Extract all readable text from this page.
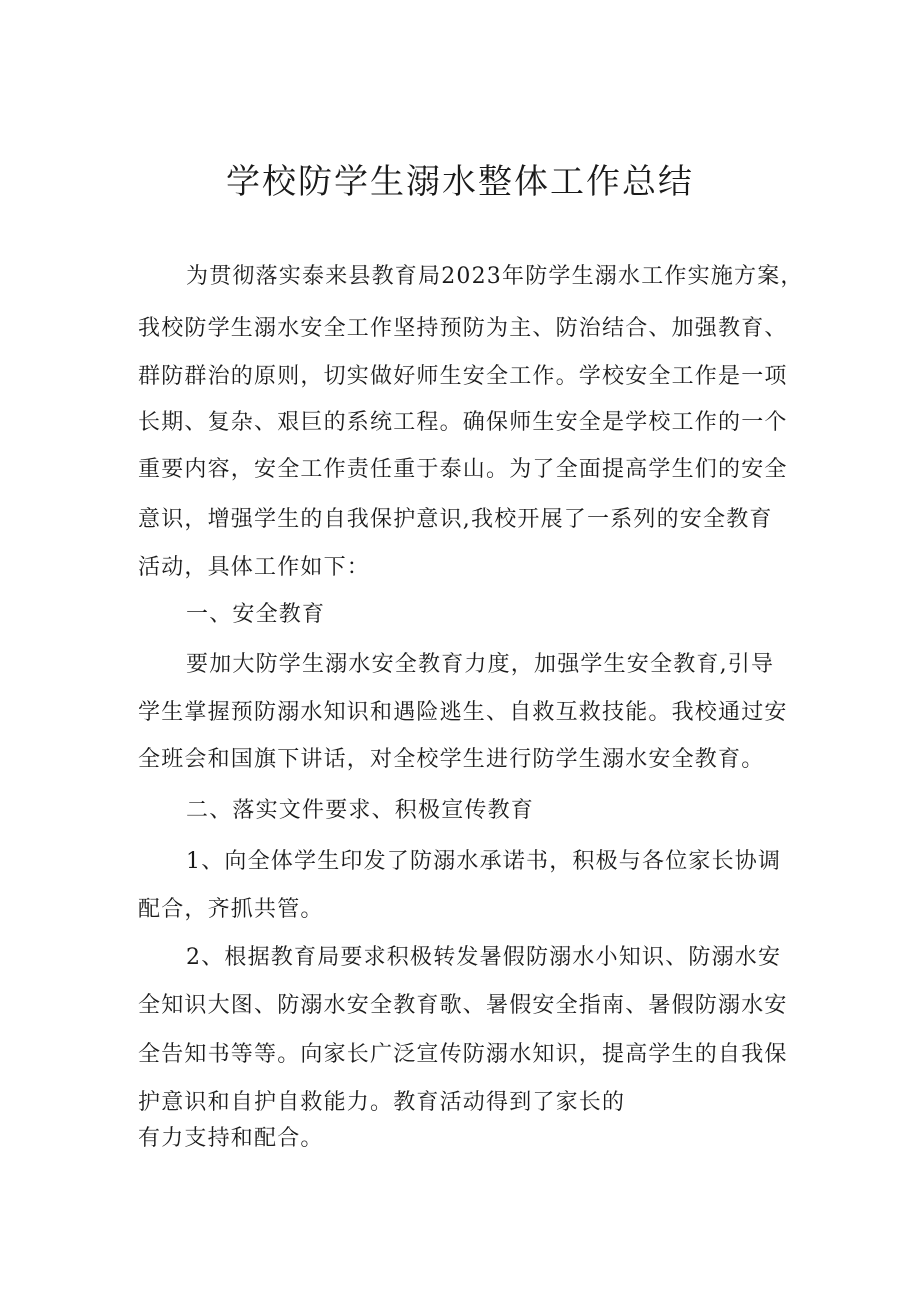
学校防学生溺水整体工作总结

为贯彻落实泰来县教育局2023年防学生溺水工作实施方案，

我校防学生溺水安全工作坚持预防为主、防治结合、加强教育、

群防群治的原则，切实做好师生安全工作。学校安全工作是一项

长期、复杂、艰巨的系统工程。确保师生安全是学校工作的一个

重要内容，安全工作责任重于泰山。为了全面提高学生们的安全

意识，增强学生的自我保护意识,我校开展了一系列的安全教育

活动，具体工作如下：

一、安全教育

要加大防学生溺水安全教育力度，加强学生安全教育,引导

学生掌握预防溺水知识和遇险逃生、自救互救技能。我校通过安

全班会和国旗下讲话，对全校学生进行防学生溺水安全教育。

二、落实文件要求、积极宣传教育

1、向全体学生印发了防溺水承诺书，积极与各位家长协调

配合，齐抓共管。

2、根据教育局要求积极转发暑假防溺水小知识、防溺水安

全知识大图、防溺水安全教育歌、暑假安全指南、暑假防溺水安

全告知书等等。向家长广泛宣传防溺水知识，提高学生的自我保

护意识和自护自救能力。教育活动得到了家长的

有力支持和配合。
